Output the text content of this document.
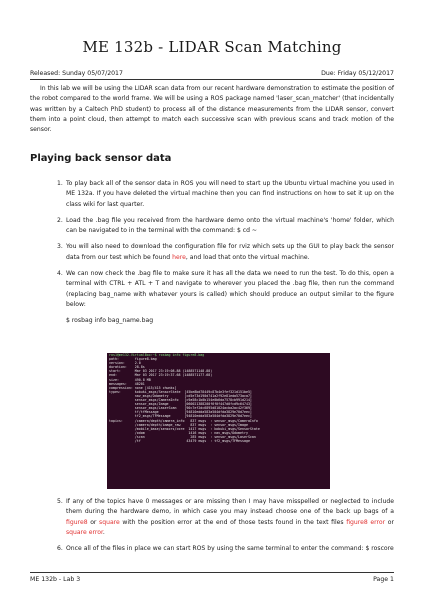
ME 132b - LIDAR Scan Matching
Released: Sunday 05/07/2017	Due: Friday 05/12/2017
In this lab we will be using the LIDAR scan data from our recent hardware demonstration to estimate the position of the robot compared to the world frame. We will be using a ROS package named 'laser_scan_matcher' (that incidentally was written by a Caltech PhD student) to process all of the distance measurements from the LIDAR sensor, convert them into a point cloud, then attempt to match each successive scan with previous scans and track motion of the sensor.
Playing back sensor data
1. To play back all of the sensor data in ROS you will need to start up the Ubuntu virtual machine you used in ME 132a. If you have deleted the virtual machine then you can find instructions on how to set it up on the class wiki for last quarter.
2. Load the .bag file you received from the hardware demo onto the virtual machine's 'home' folder, which can be navigated to in the terminal with the command: $ cd ~
3. You will also need to download the configuration file for rviz which sets up the GUI to play back the sensor data from our test which be found here, and load that onto the virtual machine.
4. We can now check the .bag file to make sure it has all the data we need to run the test. To do this, open a terminal with CTRL + ATL + T and navigate to wherever you placed the .bag file, then run the command (replacing bag_name with whatever yours is called) which should produce an output similar to the figure below:
$ rosbag info bag_name.bag
ros1@me132-VirtualBox:~$ rosbag info figure8.bag
path:        figure8.bag
version:     2.0
duration:    28.8s
start:       Mar 03 2017 23:19:08.88 (1488571148.88)
end:         Mar 03 2017 23:19:37.68 (1488571177.68)
size:        490.8 MB
messages:    48201
compression: none [415/415 chunks]
types:       kobuki_msgs/SensorState  [45be8bd78449c87b4e3fef321d151be5]
nav_msgs/Odometry        [cd5e73d190d741a2f92e81eda573aca7]
sensor_msgs/CameraInfo   [c9a58c1b0b154e0b6da7578cb991d214]
sensor_msgs/Image        [060021388200f6f0f447d0fcd9c64743]
sensor_msgs/LaserScan    [90c7ef2dc6895d81024acba2ac42f369]
tf/tfMessage             [94810edda583a504dfda3829e70d7eec]
tf2_msgs/TFMessage       [94810edda583a504dfda3829e70d7eec]
topics:      /camera/depth/camera_info   837 msgs  : sensor_msgs/CameraInfo
/camera/depth/image_raw     837 msgs  : sensor_msgs/Image
/mobile_base/sensors/core  1417 msgs  : kobuki_msgs/SensorState
/odom                      1416 msgs  : nav_msgs/Odometry
/scan                       285 msgs  : sensor_msgs/LaserScan
/tf                       43479 msgs  : tf2_msgs/TFMessage
5. If any of the topics have 0 messages or are missing then I may have misspelled or neglected to include them during the hardware demo, in which case you may instead choose one of the back up bags of a figure8 or square with the position error at the end of those tests found in the text files figure8 error or square error.
6. Once all of the files in place we can start ROS by using the same terminal to enter the command: $ roscore
ME 132b - Lab 3	Page 1
